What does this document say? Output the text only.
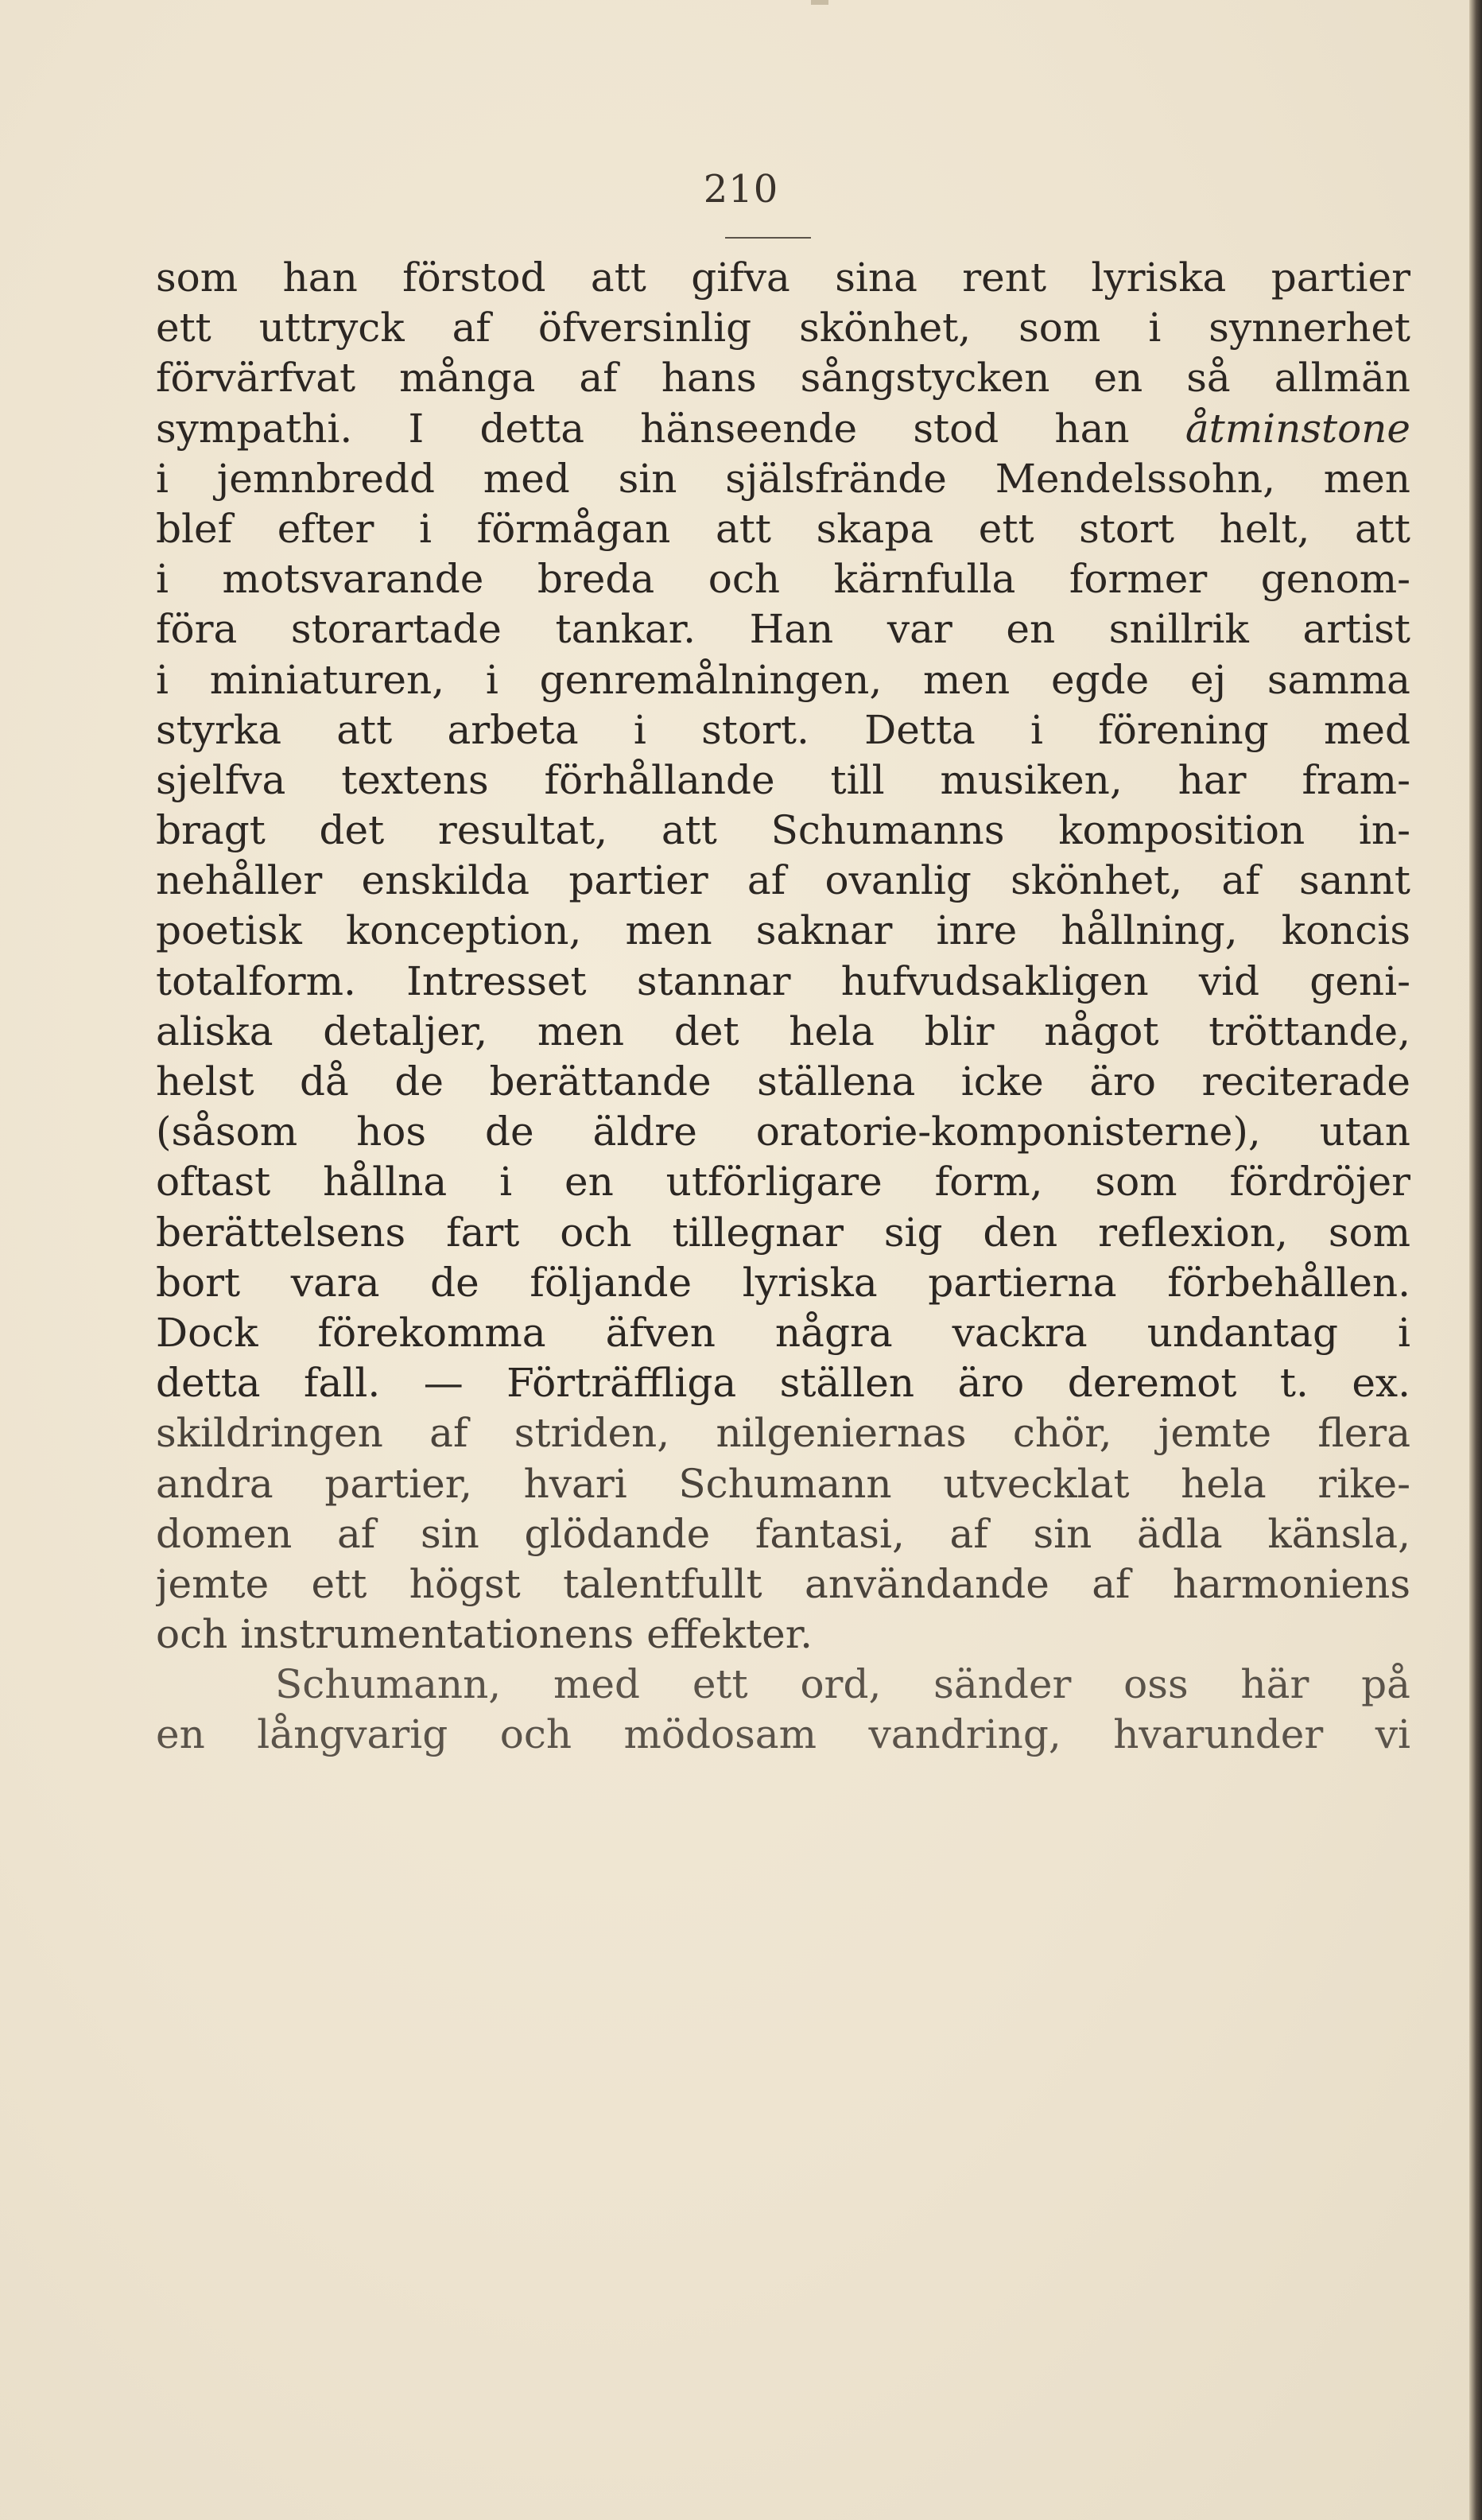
210
som han förstod att gifva sina rent lyriska partier
ett uttryck af öfversinlig skönhet, som i synnerhet
förvärfvat många af hans sångstycken en så allmän
sympathi. I detta hänseende stod han åtminstone
i jemnbredd med sin själsfrände Mendelssohn, men
blef efter i förmågan att skapa ett stort helt, att
i motsvarande breda och kärnfulla former genom-
föra storartade tankar. Han var en snillrik artist
i miniaturen, i genremålningen, men egde ej samma
styrka att arbeta i stort. Detta i förening med
sjelfva textens förhållande till musiken, har fram-
bragt det resultat, att Schumanns komposition in-
nehåller enskilda partier af ovanlig skönhet, af sannt
poetisk konception, men saknar inre hållning, koncis
totalform. Intresset stannar hufvudsakligen vid geni-
aliska detaljer, men det hela blir något tröttande,
helst då de berättande ställena icke äro reciterade
(såsom hos de äldre oratorie-komponisterne), utan
oftast hållna i en utförligare form, som fördröjer
berättelsens fart och tillegnar sig den reflexion, som
bort vara de följande lyriska partierna förbehållen.
Dock förekomma äfven några vackra undantag i
detta fall. — Förträffliga ställen äro deremot t. ex.
skildringen af striden, nilgeniernas chör, jemte flera
andra partier, hvari Schumann utvecklat hela rike-
domen af sin glödande fantasi, af sin ädla känsla,
jemte ett högst talentfullt användande af harmoniens
och instrumentationens effekter.
Schumann, med ett ord, sänder oss här på
en långvarig och mödosam vandring, hvarunder vi
